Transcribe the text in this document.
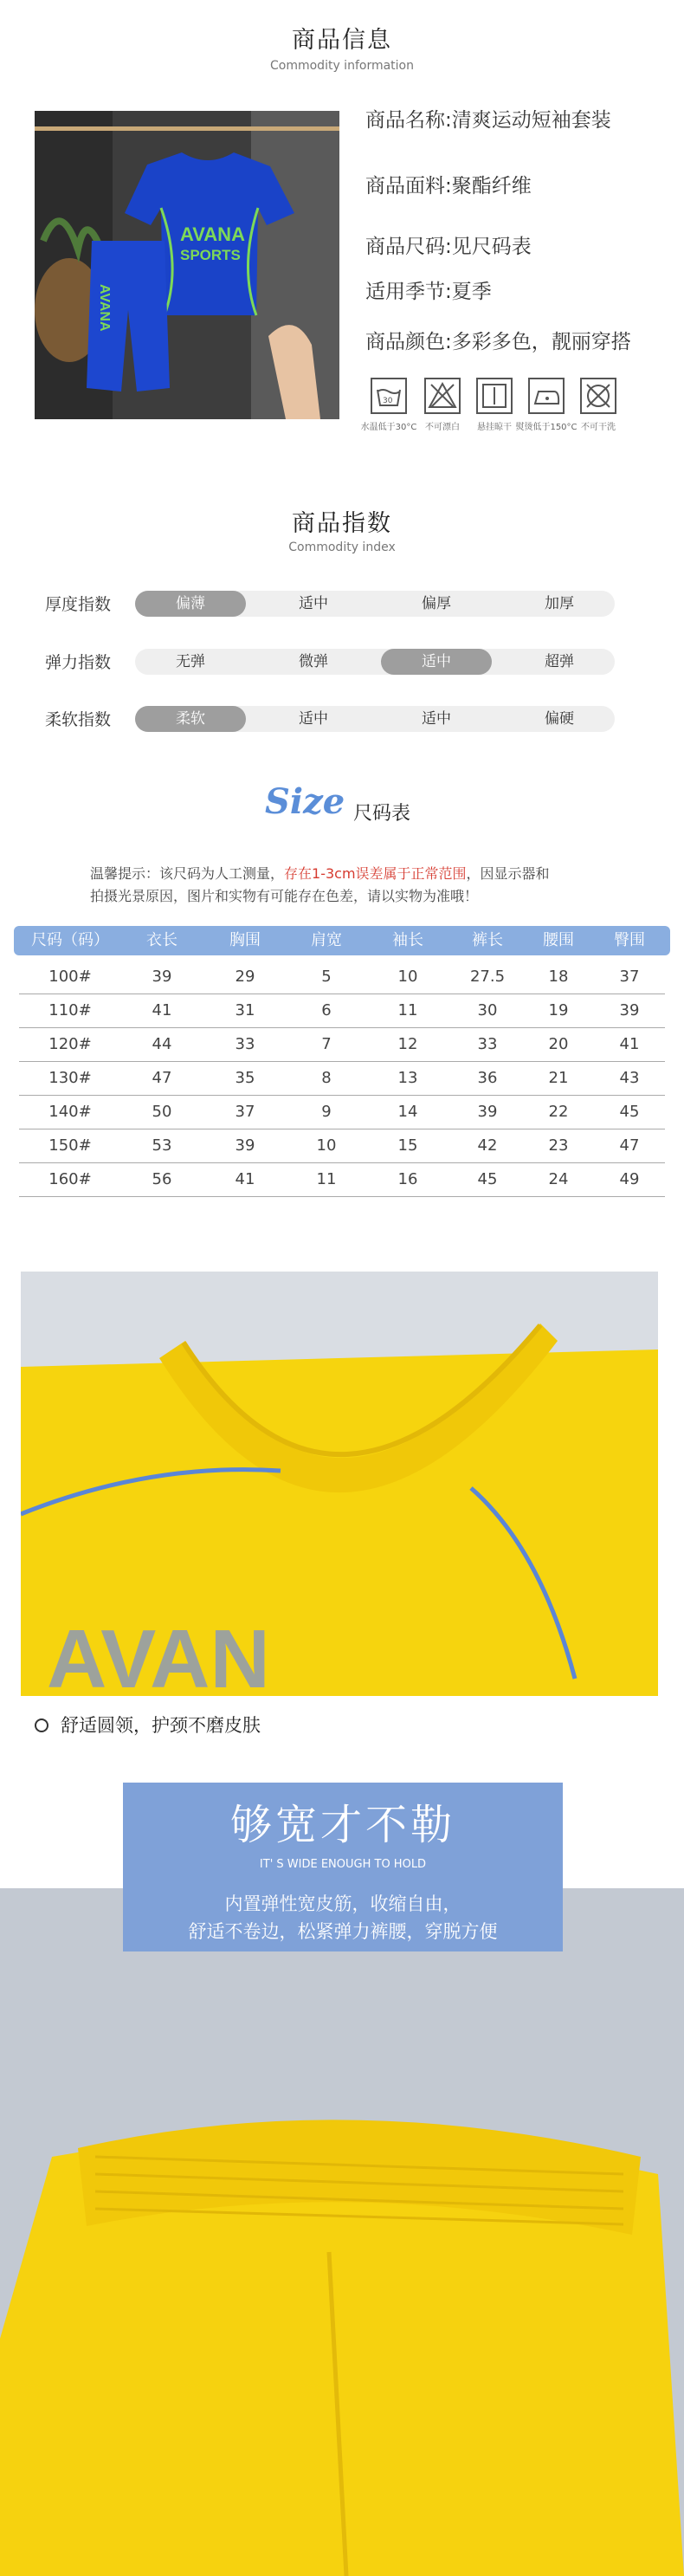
商品信息
Commodity information
AVANA
SPORTS
AVANA
商品名称:清爽运动短袖套装
商品面料:聚酯纤维
商品尺码:见尺码表
适用季节:夏季
商品颜色:多彩多色，靓丽穿搭
30
水温低于30°C 不可漂白	悬挂晾干 熨烫低于150°C 不可干洗
商品指数
Commodity index
厚度指数	偏薄	适中	偏厚	加厚
弹力指数	无弹	微弹	适中	超弹
柔软指数	柔软	适中	适中	偏硬
Size 尺码表
温馨提示：该尺码为人工测量，存在1-3cm误差属于正常范围，因显示器和
拍摄光景原因，图片和实物有可能存在色差，请以实物为准哦！
尺码（码）	衣长	胸围	肩宽	袖长	裤长	腰围	臀围
100#	39	29	5	10	27.5	18	37
110#	41	31	6	11	30	19	39
120#	44	33	7	12	33	20	41
130#	47	35	8	13	36	21	43
140#	50	37	9	14	39	22	45
150#	53	39	10	15	42	23	47
160#	56	41	11	16	45	24	49
AVAN
舒适圆领，护颈不磨皮肤
够宽才不勒
IT' S WIDE ENOUGH TO HOLD
内置弹性宽皮筋，收缩自由，
舒适不卷边，松紧弹力裤腰，穿脱方便
